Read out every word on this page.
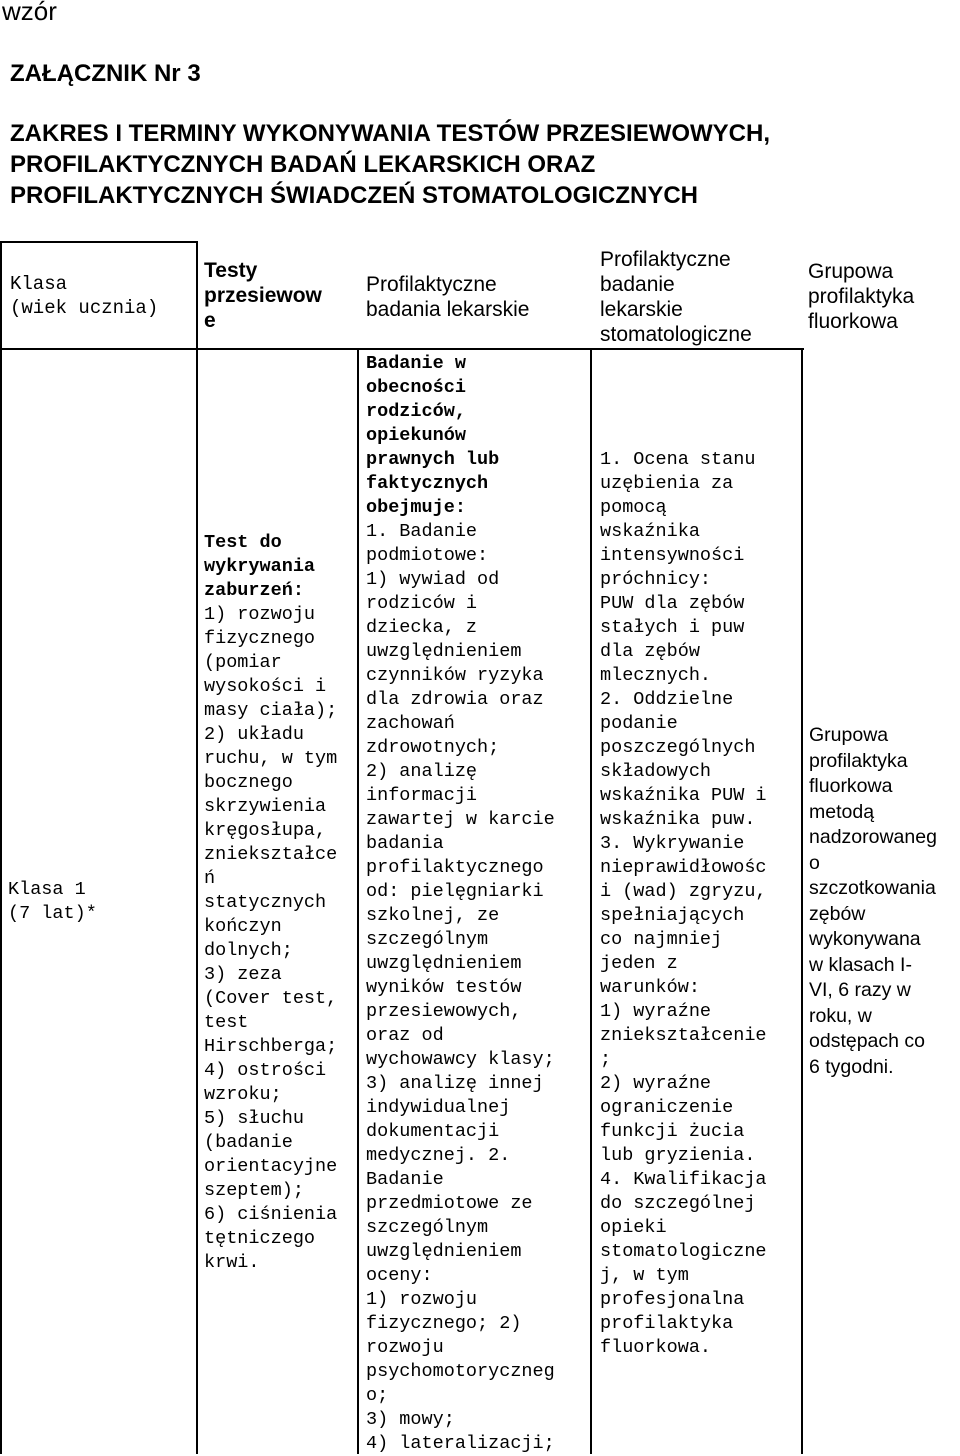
wzór
ZAŁĄCZNIK Nr 3
ZAKRES I TERMINY WYKONYWANIA TESTÓW PRZESIEWOWYCH,
PROFILAKTYCZNYCH BADAŃ LEKARSKICH ORAZ
PROFILAKTYCZNYCH ŚWIADCZEŃ STOMATOLOGICZNYCH
Klasa
(wiek ucznia)
Testy
przesiewow
e
Profilaktyczne
badania lekarskie
Profilaktyczne
badanie
lekarskie
stomatologiczne
Grupowa
profilaktyka
fluorkowa
Klasa 1
(7 lat)*
Test do
wykrywania
zaburzeń:
1) rozwoju
fizycznego
(pomiar
wysokości i
masy ciała);
2) układu
ruchu, w tym
bocznego
skrzywienia
kręgosłupa,
zniekształce
ń
statycznych
kończyn
dolnych;
3) zeza
(Cover test,
test
Hirschberga;
4) ostrości
wzroku;
5) słuchu
(badanie
orientacyjne
szeptem);
6) ciśnienia
tętniczego
krwi.
Badanie w
obecności
rodziców,
opiekunów
prawnych lub
faktycznych
obejmuje:
1. Badanie
podmiotowe:
1) wywiad od
rodziców i
dziecka, z
uwzględnieniem
czynników ryzyka
dla zdrowia oraz
zachowań
zdrowotnych;
2) analizę
informacji
zawartej w karcie
badania
profilaktycznego
od: pielęgniarki
szkolnej, ze
szczególnym
uwzględnieniem
wyników testów
przesiewowych,
oraz od
wychowawcy klasy;
3) analizę innej
indywidualnej
dokumentacji
medycznej. 2.
Badanie
przedmiotowe ze
szczególnym
uwzględnieniem
oceny:
1) rozwoju
fizycznego; 2)
rozwoju
psychomotoryczneg
o;
3) mowy;
4) lateralizacji;
1. Ocena stanu
uzębienia za
pomocą
wskaźnika
intensywności
próchnicy:
PUW dla zębów
stałych i puw
dla zębów
mlecznych.
2. Oddzielne
podanie
poszczególnych
składowych
wskaźnika PUW i
wskaźnika puw.
3. Wykrywanie
nieprawidłowośc
i (wad) zgryzu,
spełniających
co najmniej
jeden z
warunków:
1) wyraźne
zniekształcenie
;
2) wyraźne
ograniczenie
funkcji żucia
lub gryzienia.
4. Kwalifikacja
do szczególnej
opieki
stomatologiczne
j, w tym
profesjonalna
profilaktyka
fluorkowa.
Grupowa
profilaktyka
fluorkowa
metodą
nadzorowaneg
o
szczotkowania
zębów
wykonywana
w klasach I-
VI, 6 razy w
roku, w
odstępach co
6 tygodni.
